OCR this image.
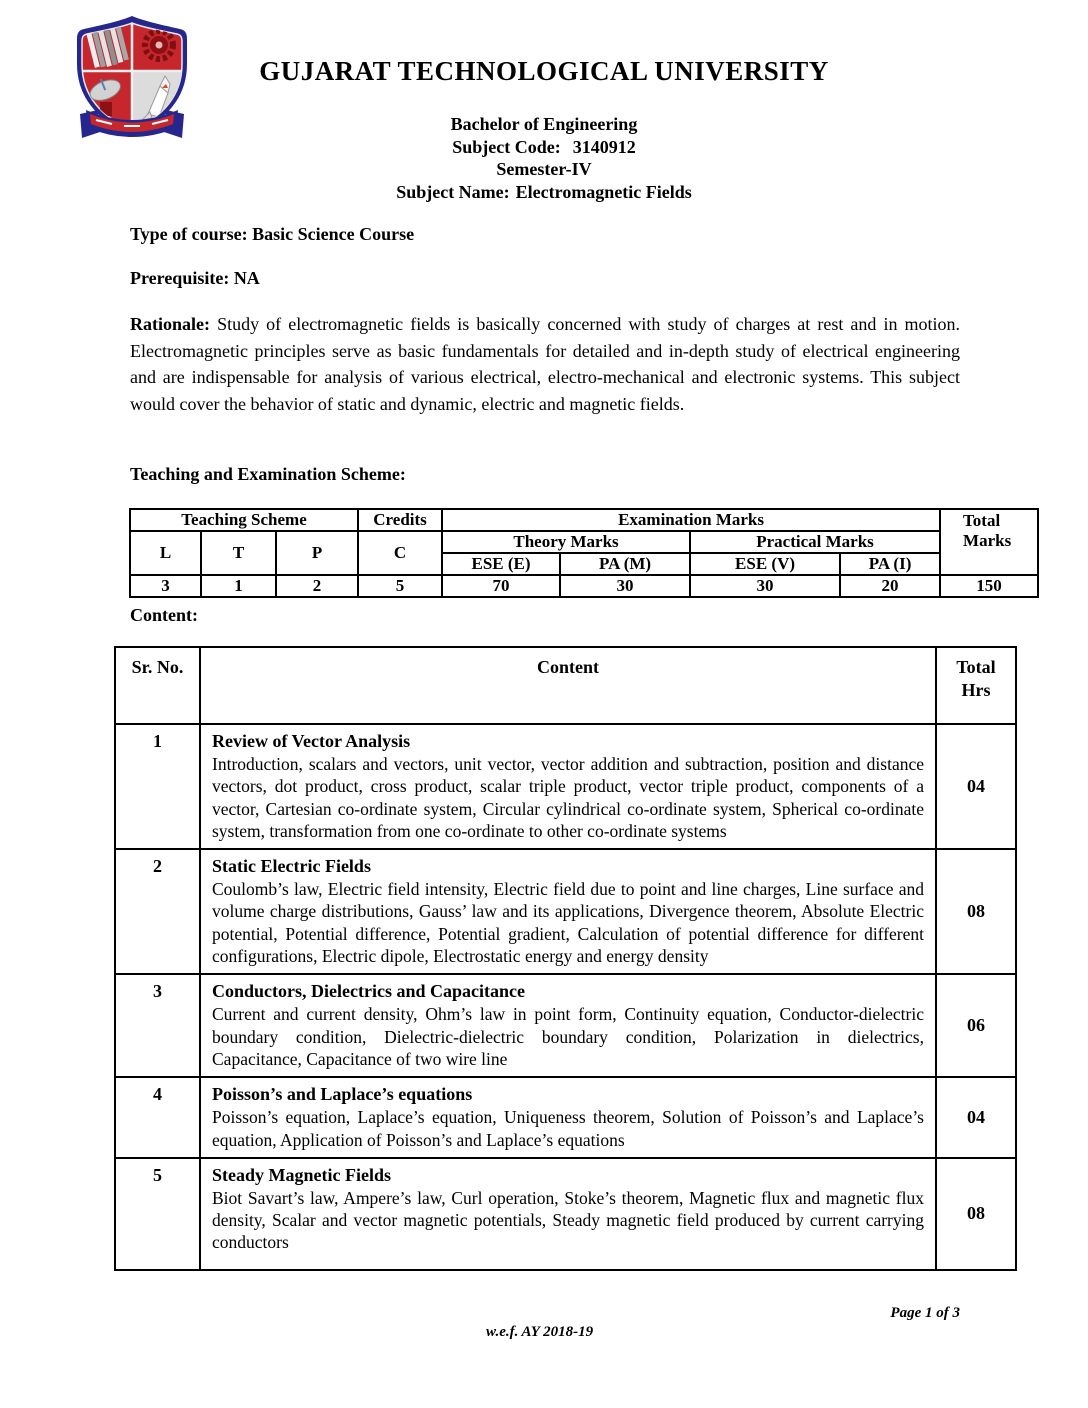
GUJARAT TECHNOLOGICAL UNIVERSITY
Bachelor of Engineering
Subject Code: 3140912
Semester-IV
Subject Name: Electromagnetic Fields
Type of course: Basic Science Course
Prerequisite: NA
Rationale: Study of electromagnetic fields is basically concerned with study of charges at rest and in motion. Electromagnetic principles serve as basic fundamentals for detailed and in-depth study of electrical engineering and are indispensable for analysis of various electrical, electro-mechanical and electronic systems. This subject would cover the behavior of static and dynamic, electric and magnetic fields.
Teaching and Examination Scheme:
Teaching Scheme			Credits	Examination Marks				Total Marks
L	T	P	C	Theory Marks		Practical Marks		
				ESE (E)	PA (M)	ESE (V)	PA (I)	
3	1	2	5	70	30	30	20	150
Content:
Sr. No.	Content	Total Hrs
1	Review of Vector Analysis
Introduction, scalars and vectors, unit vector, vector addition and subtraction, position and distance vectors, dot product, cross product, scalar triple product, vector triple product, components of a vector, Cartesian co-ordinate system, Circular cylindrical co-ordinate system, Spherical co-ordinate system, transformation from one co-ordinate to other co-ordinate systems	04
2	Static Electric Fields
Coulomb’s law, Electric field intensity, Electric field due to point and line charges, Line surface and volume charge distributions, Gauss’ law and its applications, Divergence theorem, Absolute Electric potential, Potential difference, Potential gradient, Calculation of potential difference for different configurations, Electric dipole, Electrostatic energy and energy density	08
3	Conductors, Dielectrics and Capacitance
Current and current density, Ohm’s law in point form, Continuity equation, Conductor-dielectric boundary condition, Dielectric-dielectric boundary condition, Polarization in dielectrics, Capacitance, Capacitance of two wire line	06
4	Poisson’s and Laplace’s equations
Poisson’s equation, Laplace’s equation, Uniqueness theorem, Solution of Poisson’s and Laplace’s equation, Application of Poisson’s and Laplace’s equations	04
5	Steady Magnetic Fields
Biot Savart’s law, Ampere’s law, Curl operation, Stoke’s theorem, Magnetic flux and magnetic flux density, Scalar and vector magnetic potentials, Steady magnetic field produced by current carrying conductors	08
Page 1 of 3
w.e.f. AY 2018-19
